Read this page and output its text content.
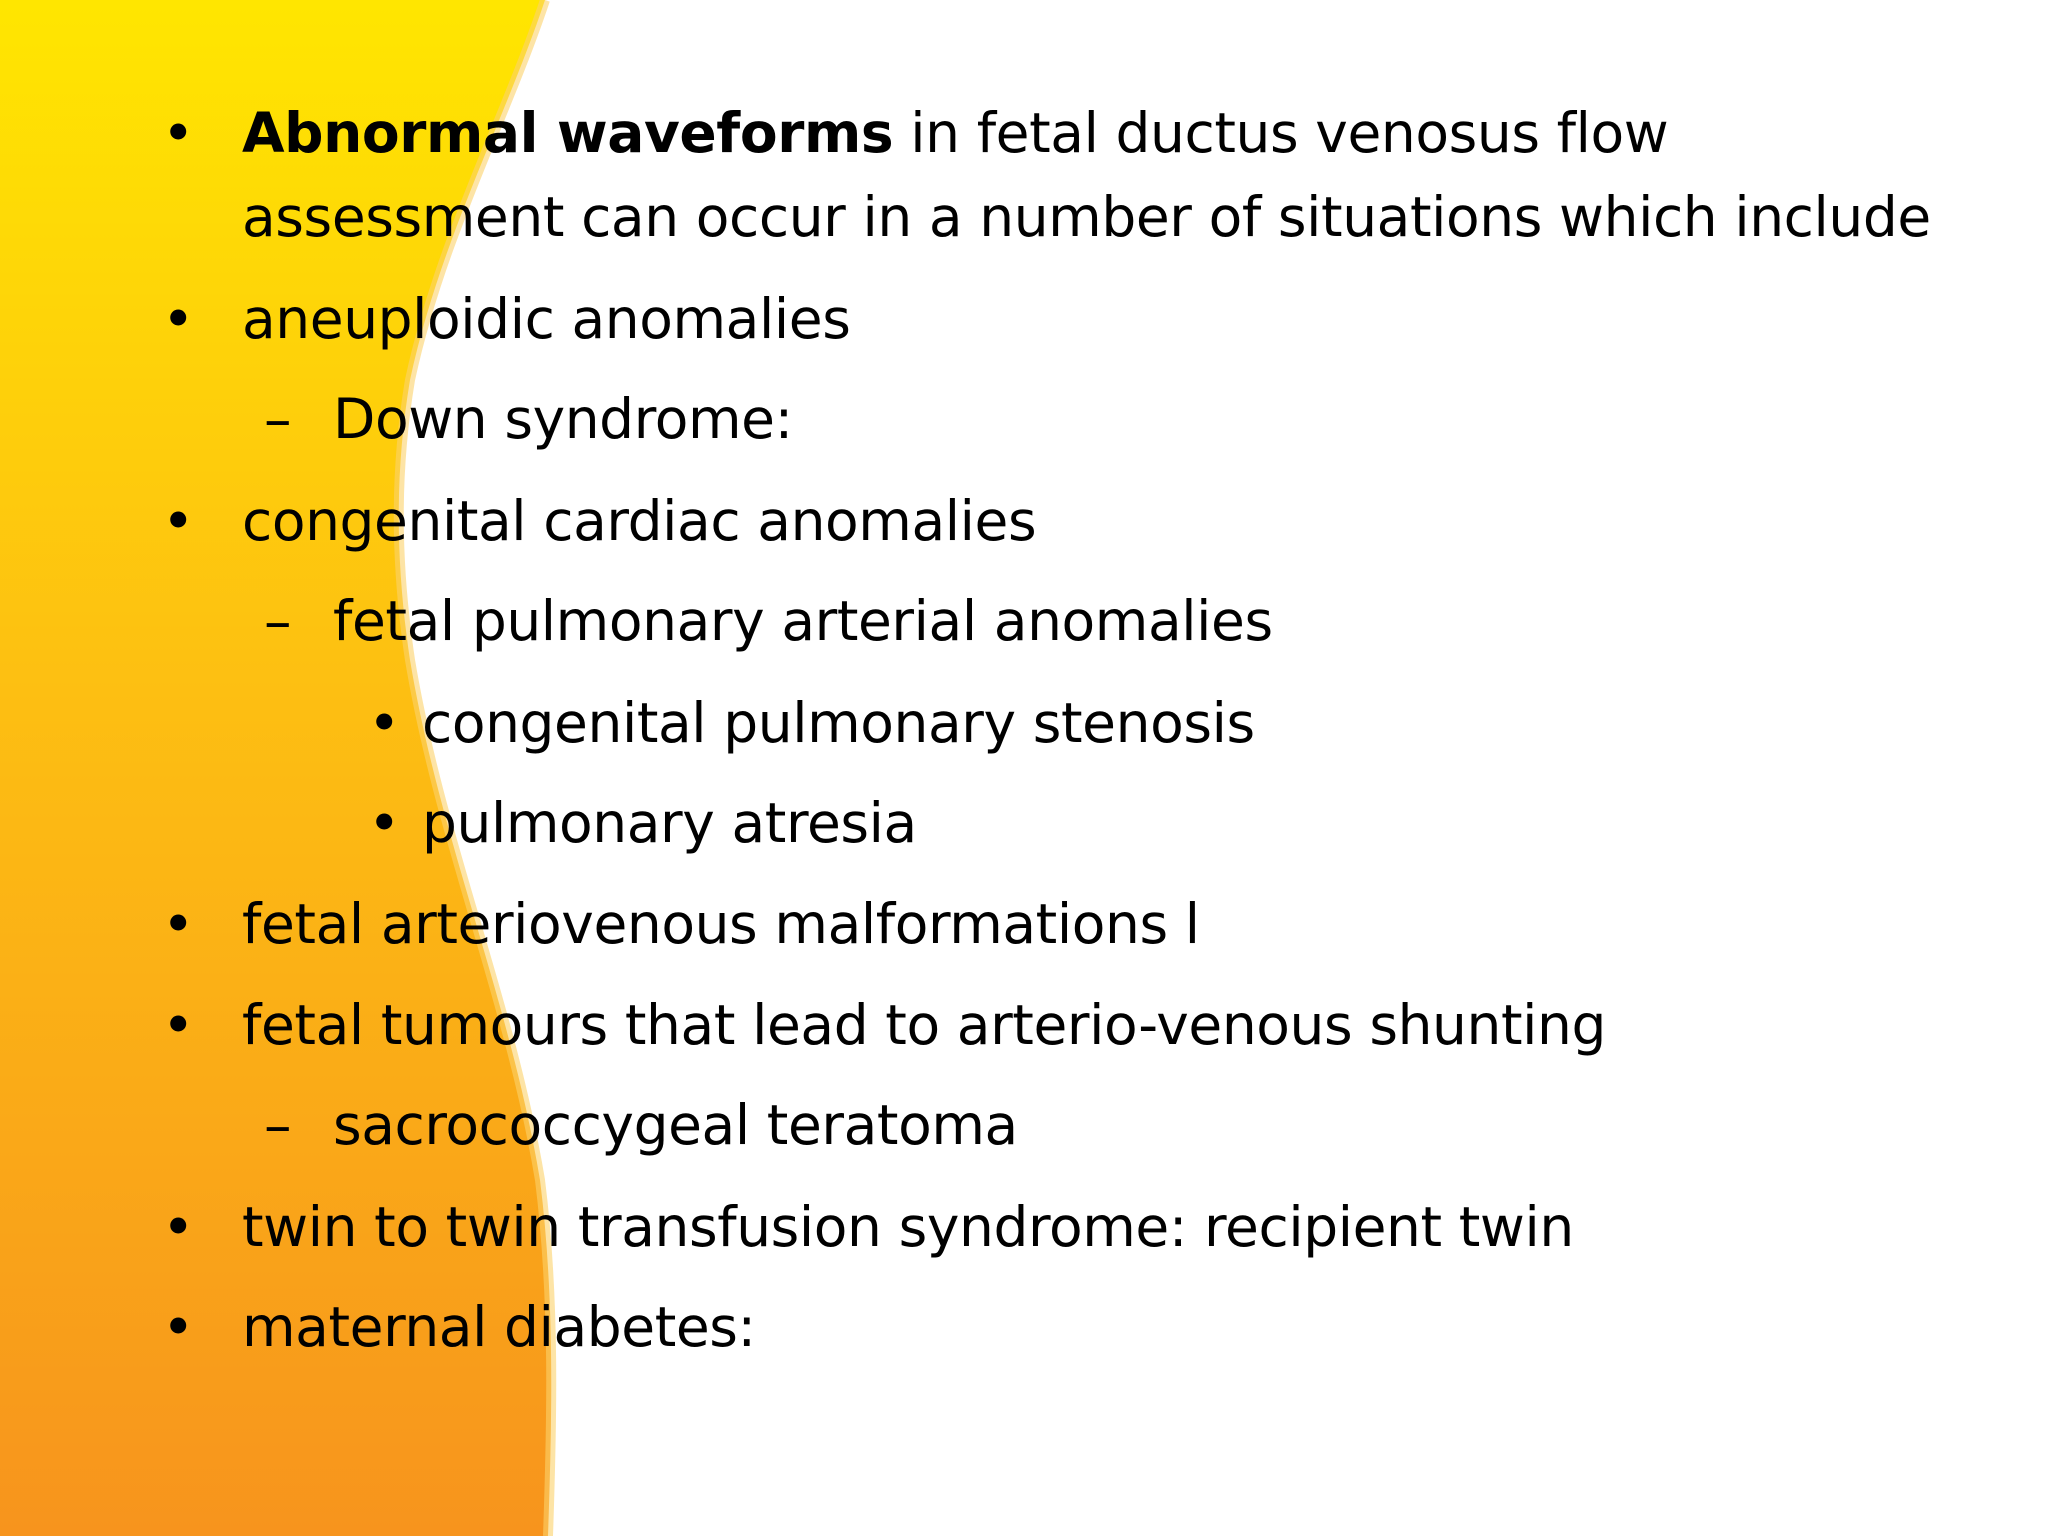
• Abnormal waveforms in fetal ductus venosus flow
assessment can occur in a number of situations which include
• aneuploidic anomalies
– Down syndrome:
• congenital cardiac anomalies
– fetal pulmonary arterial anomalies
• congenital pulmonary stenosis
• pulmonary atresia
• fetal arteriovenous malformations l
• fetal tumours that lead to arterio-venous shunting
– sacrococcygeal teratoma
• twin to twin transfusion syndrome: recipient twin
• maternal diabetes:
